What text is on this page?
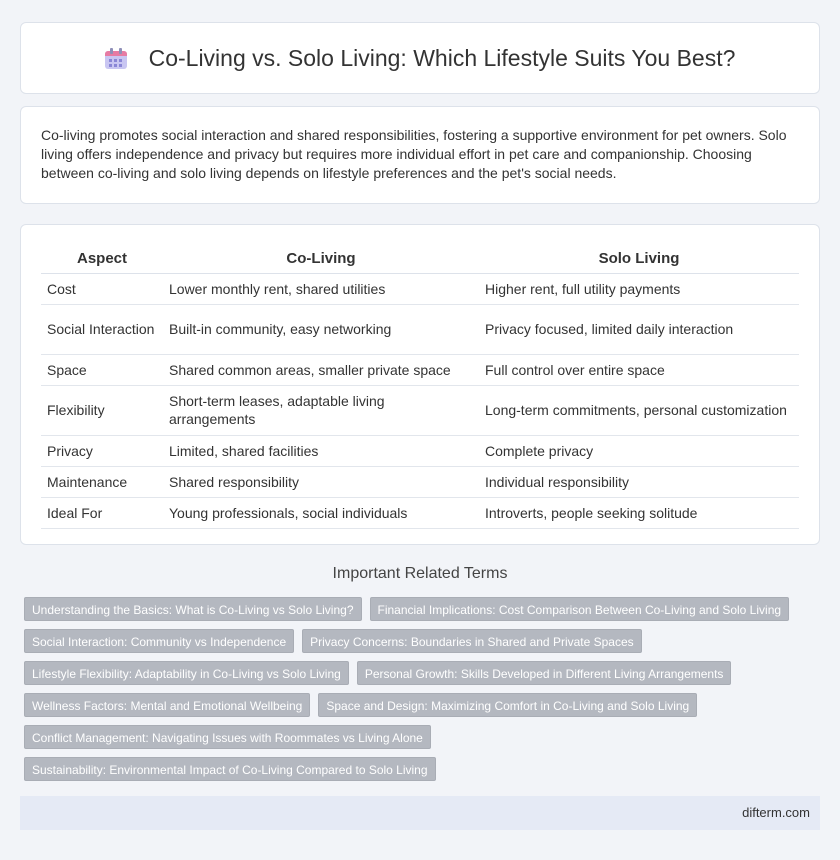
Co-Living vs. Solo Living: Which Lifestyle Suits You Best?

Co-living promotes social interaction and shared responsibilities, fostering a supportive environment for pet owners. Solo living offers independence and privacy but requires more individual effort in pet care and companionship. Choosing between co-living and solo living depends on lifestyle preferences and the pet's social needs.

Aspect	Co-Living	Solo Living
Cost	Lower monthly rent, shared utilities	Higher rent, full utility payments
Social Interaction	Built-in community, easy networking	Privacy focused, limited daily interaction
Space	Shared common areas, smaller private space	Full control over entire space
Flexibility	Short-term leases, adaptable living arrangements	Long-term commitments, personal customization
Privacy	Limited, shared facilities	Complete privacy
Maintenance	Shared responsibility	Individual responsibility
Ideal For	Young professionals, social individuals	Introverts, people seeking solitude
Important Related Terms
Understanding the Basics: What is Co-Living vs Solo Living?	Financial Implications: Cost Comparison Between Co-Living and Solo Living
Social Interaction: Community vs Independence	Privacy Concerns: Boundaries in Shared and Private Spaces
Lifestyle Flexibility: Adaptability in Co-Living vs Solo Living	Personal Growth: Skills Developed in Different Living Arrangements
Wellness Factors: Mental and Emotional Wellbeing	Space and Design: Maximizing Comfort in Co-Living and Solo Living
Conflict Management: Navigating Issues with Roommates vs Living Alone
Sustainability: Environmental Impact of Co-Living Compared to Solo Living
difterm.com
